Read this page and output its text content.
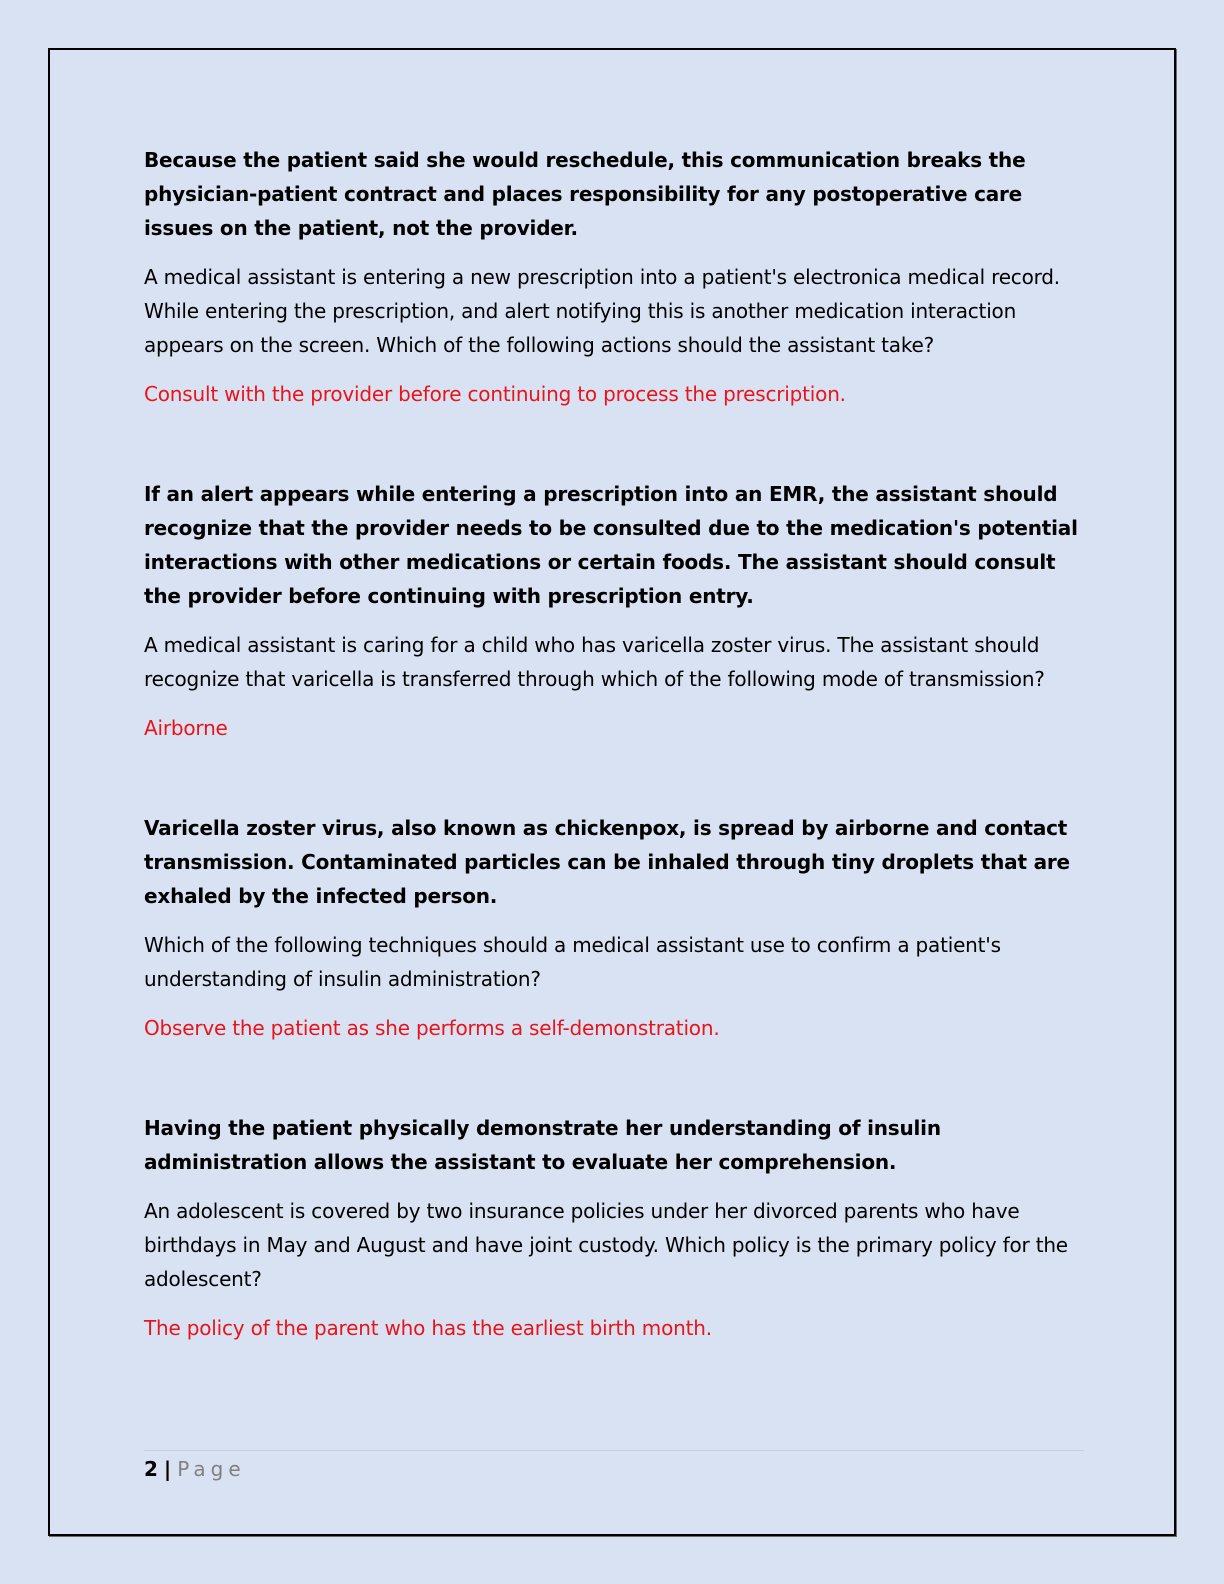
Because the patient said she would reschedule, this communication breaks the physician-patient contract and places responsibility for any postoperative care issues on the patient, not the provider.

A medical assistant is entering a new prescription into a patient's electronica medical record. While entering the prescription, and alert notifying this is another medication interaction appears on the screen. Which of the following actions should the assistant take?

Consult with the provider before continuing to process the prescription.

If an alert appears while entering a prescription into an EMR, the assistant should recognize that the provider needs to be consulted due to the medication's potential interactions with other medications or certain foods. The assistant should consult the provider before continuing with prescription entry.

A medical assistant is caring for a child who has varicella zoster virus. The assistant should recognize that varicella is transferred through which of the following mode of transmission?

Airborne

Varicella zoster virus, also known as chickenpox, is spread by airborne and contact transmission. Contaminated particles can be inhaled through tiny droplets that are exhaled by the infected person.

Which of the following techniques should a medical assistant use to confirm a patient's understanding of insulin administration?

Observe the patient as she performs a self-demonstration.

Having the patient physically demonstrate her understanding of insulin administration allows the assistant to evaluate her comprehension.

An adolescent is covered by two insurance policies under her divorced parents who have birthdays in May and August and have joint custody. Which policy is the primary policy for the adolescent?

The policy of the parent who has the earliest birth month.

2 | Page
